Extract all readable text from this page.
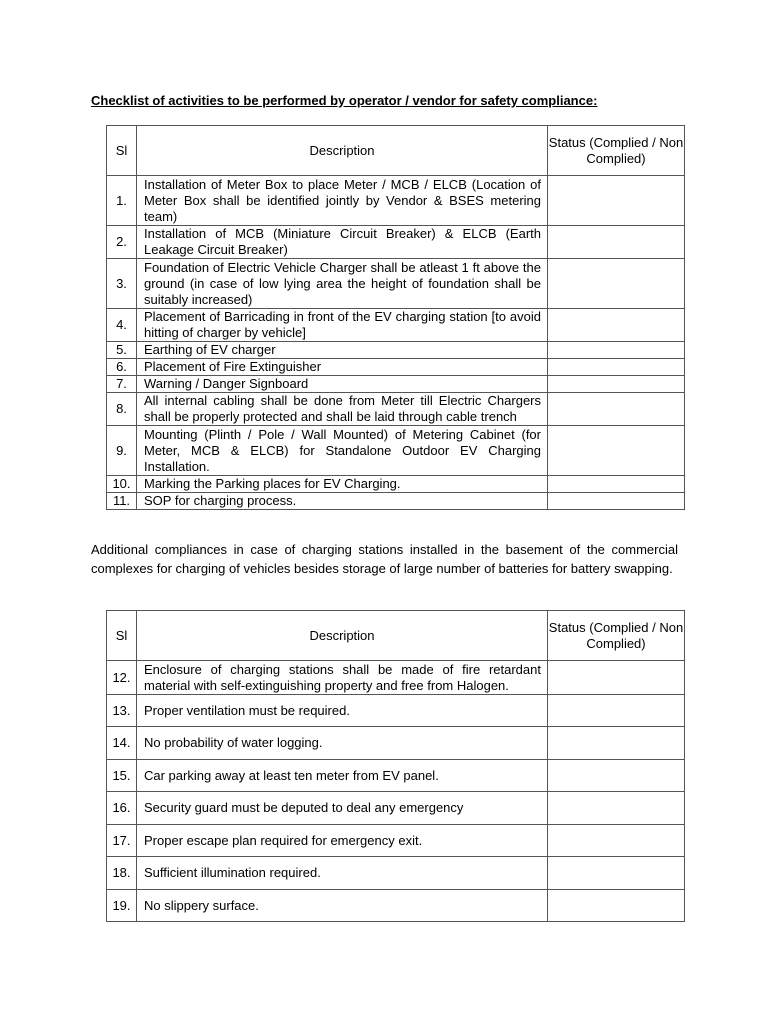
Checklist of activities to be performed by operator / vendor for safety compliance:
Sl	Description	Status (Complied / Non Complied)
1.	Installation of Meter Box to place Meter / MCB / ELCB (Location of Meter Box shall be identified jointly by Vendor & BSES metering team)	
2.	Installation of MCB (Miniature Circuit Breaker) & ELCB (Earth Leakage Circuit Breaker)	
3.	Foundation of Electric Vehicle Charger shall be atleast 1 ft above the ground (in case of low lying area the height of foundation shall be suitably increased)	
4.	Placement of Barricading in front of the EV charging station [to avoid hitting of charger by vehicle]	
5.	Earthing of EV charger	
6.	Placement of Fire Extinguisher	
7.	Warning / Danger Signboard	
8.	All internal cabling shall be done from Meter till Electric Chargers shall be properly protected and shall be laid through cable trench	
9.	Mounting (Plinth / Pole / Wall Mounted) of Metering Cabinet (for Meter, MCB & ELCB) for Standalone Outdoor EV Charging Installation.	
10.	Marking the Parking places for EV Charging.	
11.	SOP for charging process.	
Additional compliances in case of charging stations installed in the basement of the commercial complexes for charging of vehicles besides storage of large number of batteries for battery swapping.
Sl	Description	Status (Complied / Non Complied)
12.	Enclosure of charging stations shall be made of fire retardant material with self-extinguishing property and free from Halogen.	
13.	Proper ventilation must be required.	
14.	No probability of water logging.	
15.	Car parking away at least ten meter from EV panel.	
16.	Security guard must be deputed to deal any emergency	
17.	Proper escape plan required for emergency exit.	
18.	Sufficient illumination required.	
19.	No slippery surface.	
